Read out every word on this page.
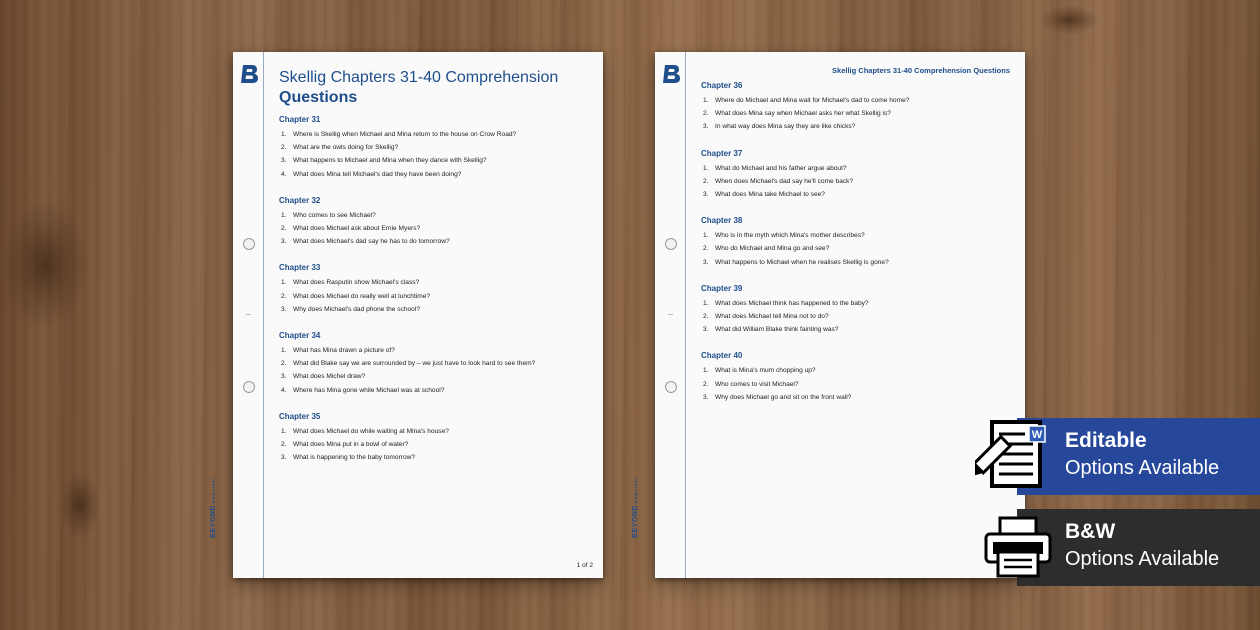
BEYONDENGLISH
Skellig Chapters 31-40 Comprehension
Questions
Chapter 31
1. Where is Skellig when Michael and Mina return to the house on Crow Road?
2. What are the owls doing for Skellig?
3. What happens to Michael and Mina when they dance with Skellig?
4. What does Mina tell Michael's dad they have been doing?
Chapter 32
1. Who comes to see Michael?
2. What does Michael ask about Ernie Myers?
3. What does Michael's dad say he has to do tomorrow?
Chapter 33
1. What does Rasputin show Michael's class?
2. What does Michael do really well at lunchtime?
3. Why does Michael's dad phone the school?
Chapter 34
1. What has Mina drawn a picture of?
2. What did Blake say we are surrounded by – we just have to look hard to see them?
3. What does Michel draw?
4. Where has Mina gone while Michael was at school?
Chapter 35
1. What does Michael do while waiting at Mina's house?
2. What does Mina put in a bowl of water?
3. What is happening to the baby tomorrow?
1 of 2
BEYONDENGLISH
Skellig Chapters 31-40 Comprehension Questions
Chapter 36
1. Where do Michael and Mina wait for Michael's dad to come home?
2. What does Mina say when Michael asks her what Skellig is?
3. In what way does Mina say they are like chicks?
Chapter 37
1. What do Michael and his father argue about?
2. When does Michael's dad say he'll come back?
3. What does Mina take Michael to see?
Chapter 38
1. Who is in the myth which Mina's mother describes?
2. Who do Michael and Mina go and see?
3. What happens to Michael when he realises Skellig is gone?
Chapter 39
1. What does Michael think has happened to the baby?
2. What does Michael tell Mina not to do?
3. What did William Blake think fainting was?
Chapter 40
1. What is Mina's mum chopping up?
2. Who comes to visit Michael?
3. Why does Michael go and sit on the front wall?
Editable
Options Available
W
B&W
Options Available
